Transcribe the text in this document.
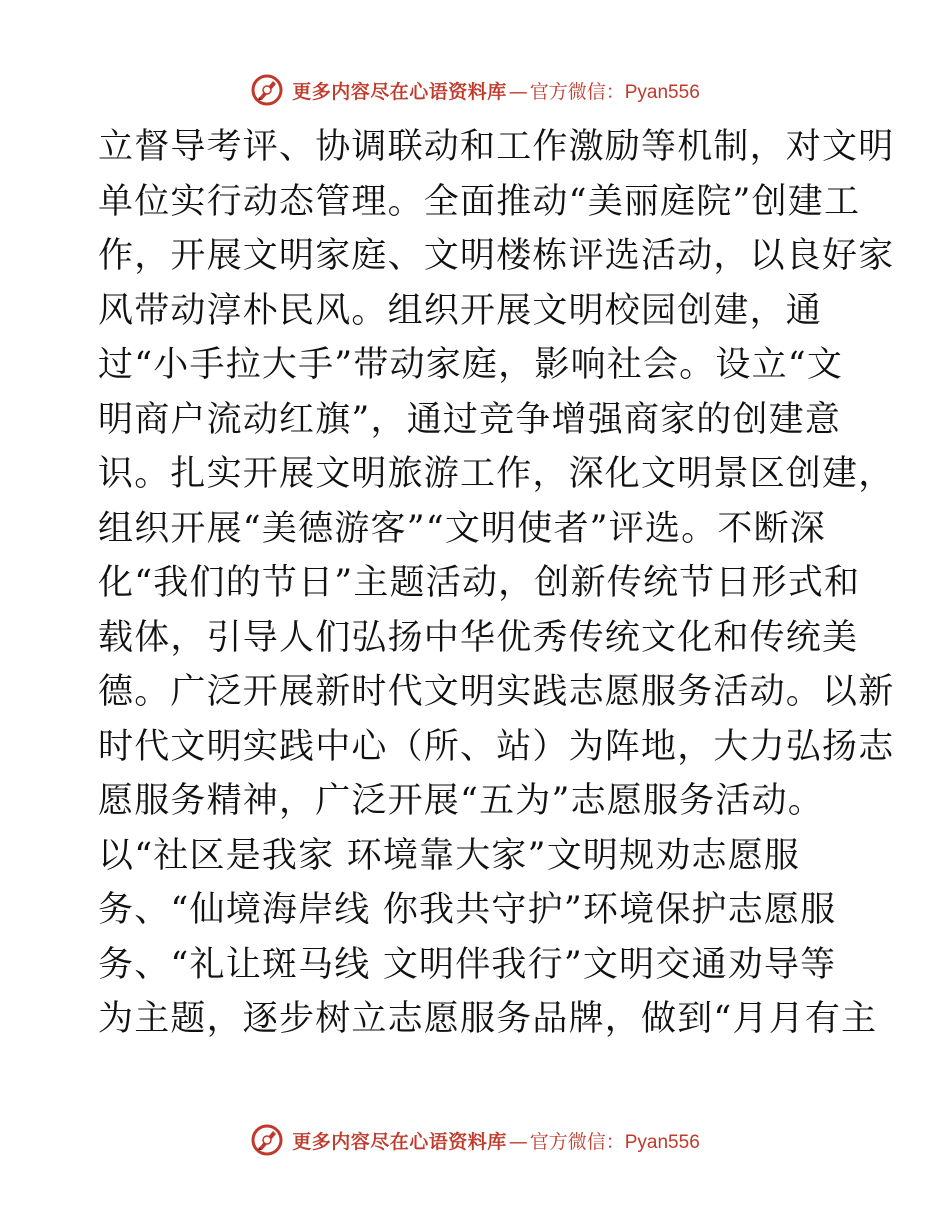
更多内容尽在心语资料库 — 官方微信： Pyan556
立督导考评、协调联动和工作激励等机制，对文明
单位实行动态管理。全面推动“美丽庭院”创建工
作，开展文明家庭、文明楼栋评选活动，以良好家
风带动淳朴民风。组织开展文明校园创建，通
过“小手拉大手”带动家庭，影响社会。设立“文
明商户流动红旗”，通过竞争增强商家的创建意
识。扎实开展文明旅游工作，深化文明景区创建，
组织开展“美德游客”“文明使者”评选。不断深
化“我们的节日”主题活动，创新传统节日形式和
载体，引导人们弘扬中华优秀传统文化和传统美
德。广泛开展新时代文明实践志愿服务活动。以新
时代文明实践中心（所、站）为阵地，大力弘扬志
愿服务精神，广泛开展“五为”志愿服务活动。
以“社区是我家 环境靠大家”文明规劝志愿服
务、“仙境海岸线 你我共守护”环境保护志愿服
务、“礼让斑马线 文明伴我行”文明交通劝导等
为主题，逐步树立志愿服务品牌，做到“月月有主
更多内容尽在心语资料库 — 官方微信： Pyan556
